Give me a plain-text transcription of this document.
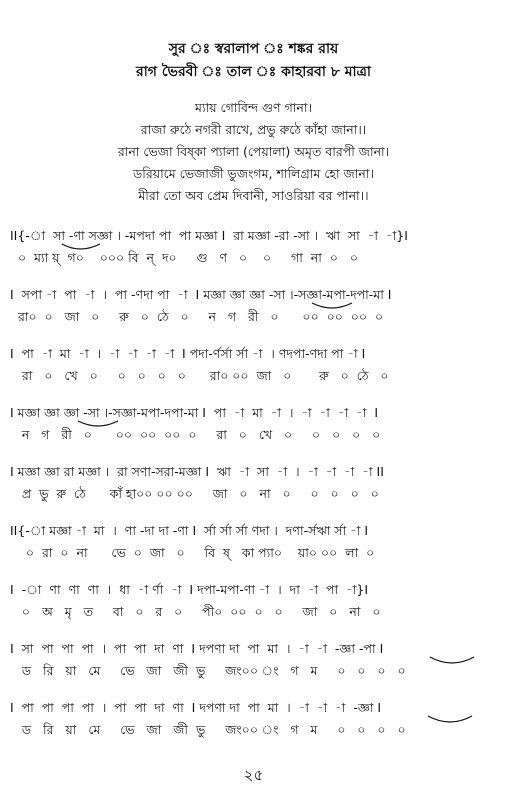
সুর ঃ স্বরালাপ ঃ শঙ্কর রায়
রাগ ভৈরবী ঃ তাল ঃ কাহারবা ৮ মাত্রা
ম্যায় গোবিন্দ গুণ গানা।
রাজা রুঠে নগরী রাখে, প্রভু রুঠে কাঁহা জানা।।
রানা ভেজা বিষ্‌কা প্যালা (পেয়ালা) অমৃত বারপী জানা।
ডরিয়ামে ভেজাজী ভুজংগম, শালিগ্রাম হো জানা।
মীরা তো অব প্রেম দিবানী, সাওরিয়া বর পানা।।
II{-া  সা -ণা সজ্ঞা । -মপদা পা  পা মজ্ঞা I  রা মজ্ঞা -রা -সা ।  ঋা  সা  -া  -া}I
০  ম্যা য়্  গ০    ০০০ বি  ন্  দ০     গু   ণ   ০    ০     গা  না  ০   ০
I  সপা -া  পা  -া  ।  পা -ণদা পা  -া  I মজ্ঞা জ্ঞা জ্ঞা -সা ।-সজ্ঞা-মপা-দপা-মা I
রা০  ০   জা   ০     রু   ০  ঠে   ০     ন   গ   রী   ০      ০০  ০০  ০০  ০
I  পা  -া  মা  -া  ।  -া  -া  -া  -া  I পদা-র্ণর্সা র্সা -া  । ণদপা-ণদা পা -া I
রা   ০   খে   ০     ০   ০   ০   ০      রা০ ০০  জা   ০       রু   ০  ঠে   ০
I মজ্ঞা জ্ঞা জ্ঞা -সা ।-সজ্ঞা-মপা-দপা-মা I  পা  -া  মা  -া  ।  -া  -া  -া  -া  I
ন   গ   রী   ০      ০০  ০০  ০০  ০     রা   ০   খে   ০     ০   ০   ০   ০
I মজ্ঞা জ্ঞা রা মজ্ঞা ।  রা সণা-সরা-মজ্ঞা I  ঋা  -া  সা  -া  ।  -া  -া  -া  -া II
প্র  ভু  রু  ঠে      কাঁ হা০০ ০০ ০০     জা   ০   না   ০     ০   ০   ০   ০
II{-া মজ্ঞা -া  মা  ।  ণা -দা দা -ণা I  র্সা র্সা র্সা ণদা ।  দণা-র্সঋা র্সা -া I
০  রা  ০  না      ভে  ০  জা   ০     বি  ষ্   কা প্যা০    য়া০ ০০  লা  ০
I  -া  ণা  ণা  ণা  ।  ধা  -া র্ণা  -া  I দপা-মপা-ণা -া  ।  দা  -া  পা  -া}I
০   অ   মৃ   ত     বা   ০   র   ০     পী০  ০০  ০   ০     জা   ০   না   ০
I  সা  পা  পা  পা  ।  পা  পা  দা  ণা  I দপণা দা  পা  মা  ।  -া  -া  -জ্ঞা -পা I
ড   রি   য়া   মে     ভে   জা   জী  ভু     জং০০ ং   গ   ম     ০   ০   ০   ০
I  পা  পা  পা  পা  ।  পা  পা  দা  ণা  I দপণা দা  পা  মা  ।  -া  -া  -া  -জ্ঞা I
ড   রি   য়া   মে     ভে   জা   জী  ভু     জং০০ ং   গ   ম     ০   ০   ০   ০
২৫
